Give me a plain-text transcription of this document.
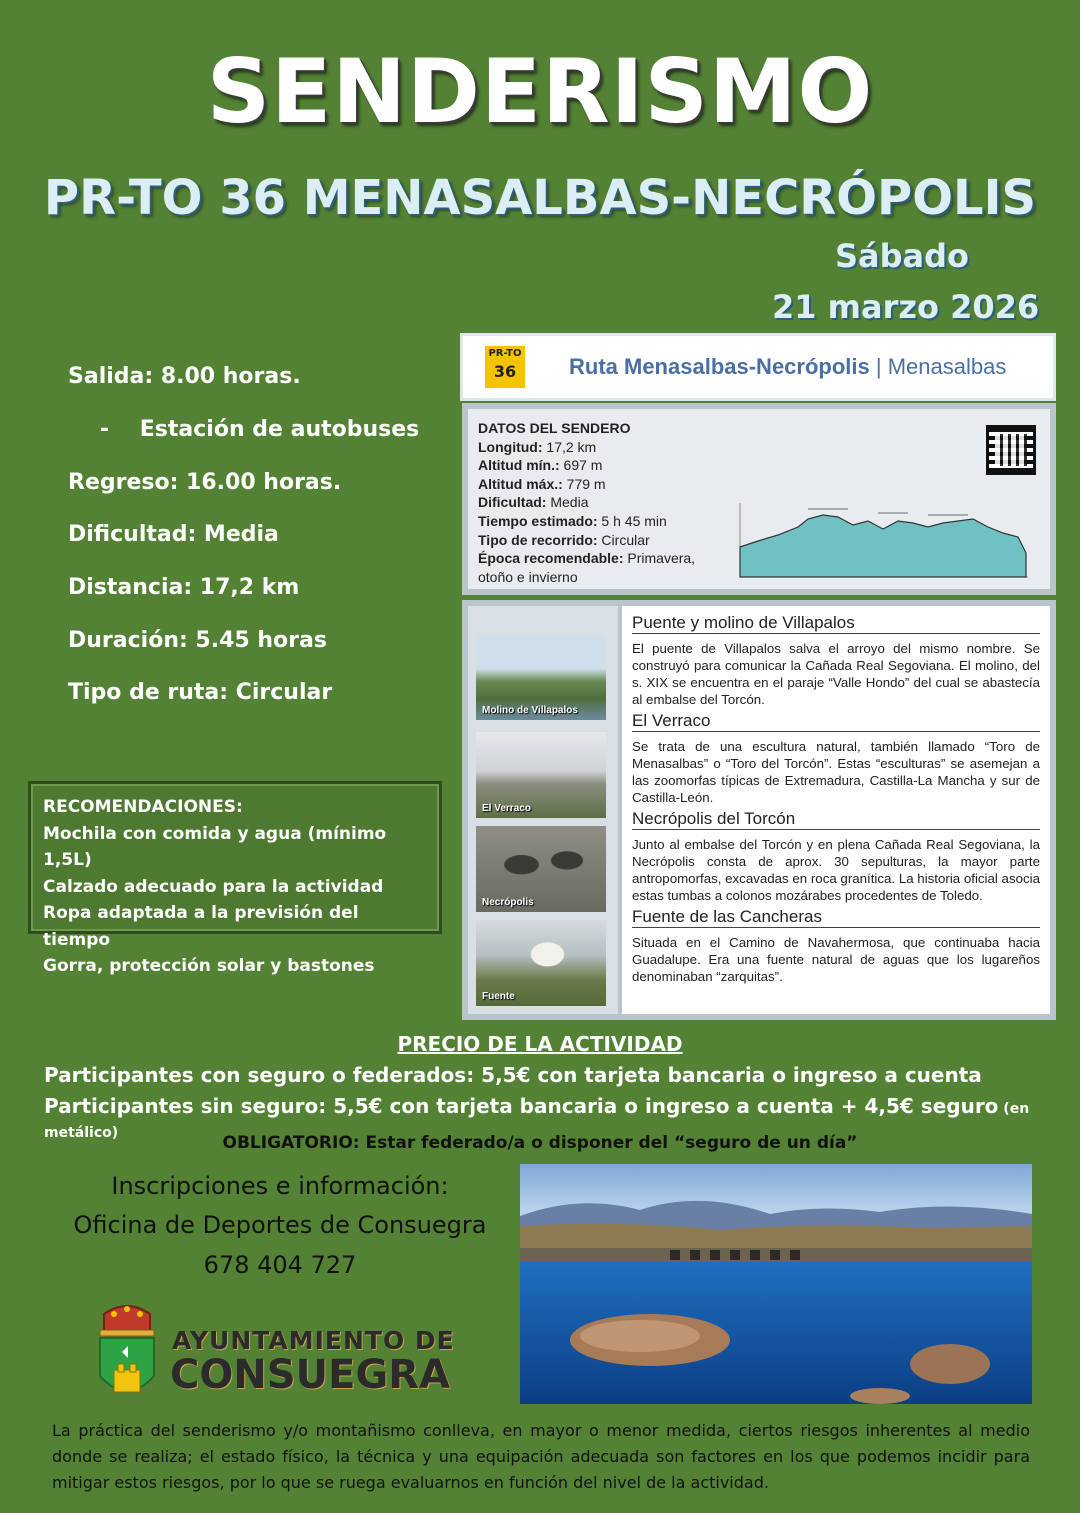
SENDERISMO
PR-TO 36 MENASALBAS-NECRÓPOLIS
Sábado
21 marzo 2026
Salida: 8.00 horas.
-    Estación de autobuses
Regreso: 16.00 horas.
Dificultad: Media
Distancia: 17,2 km
Duración: 5.45 horas
Tipo de ruta: Circular
RECOMENDACIONES:
Mochila con comida y agua (mínimo 1,5L)
Calzado adecuado para la actividad
Ropa adaptada a la previsión del tiempo
Gorra, protección solar y bastones
PR-TO
36	Ruta Menasalbas-Necrópolis | Menasalbas
DATOS DEL SENDERO
Longitud: 17,2 km
Altitud mín.: 697 m
Altitud máx.: 779 m
Dificultad: Media
Tiempo estimado: 5 h 45 min
Tipo de recorrido: Circular
Época recomendable: Primavera,
otoño e invierno
Molino de Villapalos
El Verraco
Necrópolis
Fuente
Puente y molino de Villapalos
El puente de Villapalos salva el arroyo del mismo nombre. Se construyó para comunicar la Cañada Real Segoviana. El molino, del s. XIX se encuentra en el paraje “Valle Hondo” del cual se abastecía al embalse del Torcón.
El Verraco
Se trata de una escultura natural, también llamado “Toro de Menasalbas” o “Toro del Torcón”. Estas “esculturas” se asemejan a las zoomorfas típicas de Extremadura, Castilla-La Mancha y sur de Castilla-León.
Necrópolis del Torcón
Junto al embalse del Torcón y en plena Cañada Real Segoviana, la Necrópolis consta de aprox. 30 sepulturas, la mayor parte antropomorfas, excavadas en roca granítica. La historia oficial asocia estas tumbas a colonos mozárabes procedentes de Toledo.
Fuente de las Cancheras
Situada en el Camino de Navahermosa, que continuaba hacia Guadalupe. Era una fuente natural de aguas que los lugareños denominaban “zarquitas”.
PRECIO DE LA ACTIVIDAD
Participantes con seguro o federados: 5,5€ con tarjeta bancaria o ingreso a cuenta
Participantes sin seguro: 5,5€ con tarjeta bancaria o ingreso a cuenta + 4,5€ seguro (en metálico)	OBLIGATORIO: Estar federado/a o disponer del “seguro de un día”
Inscripciones e información:
Oficina de Deportes de Consuegra
678 404 727
AYUNTAMIENTO DE
CONSUEGRA
La práctica del senderismo y/o montañismo conlleva, en mayor o menor medida, ciertos riesgos inherentes al medio donde se realiza; el estado físico, la técnica y una equipación adecuada son factores en los que podemos incidir para mitigar estos riesgos, por lo que se ruega evaluarnos en función del nivel de la actividad.
